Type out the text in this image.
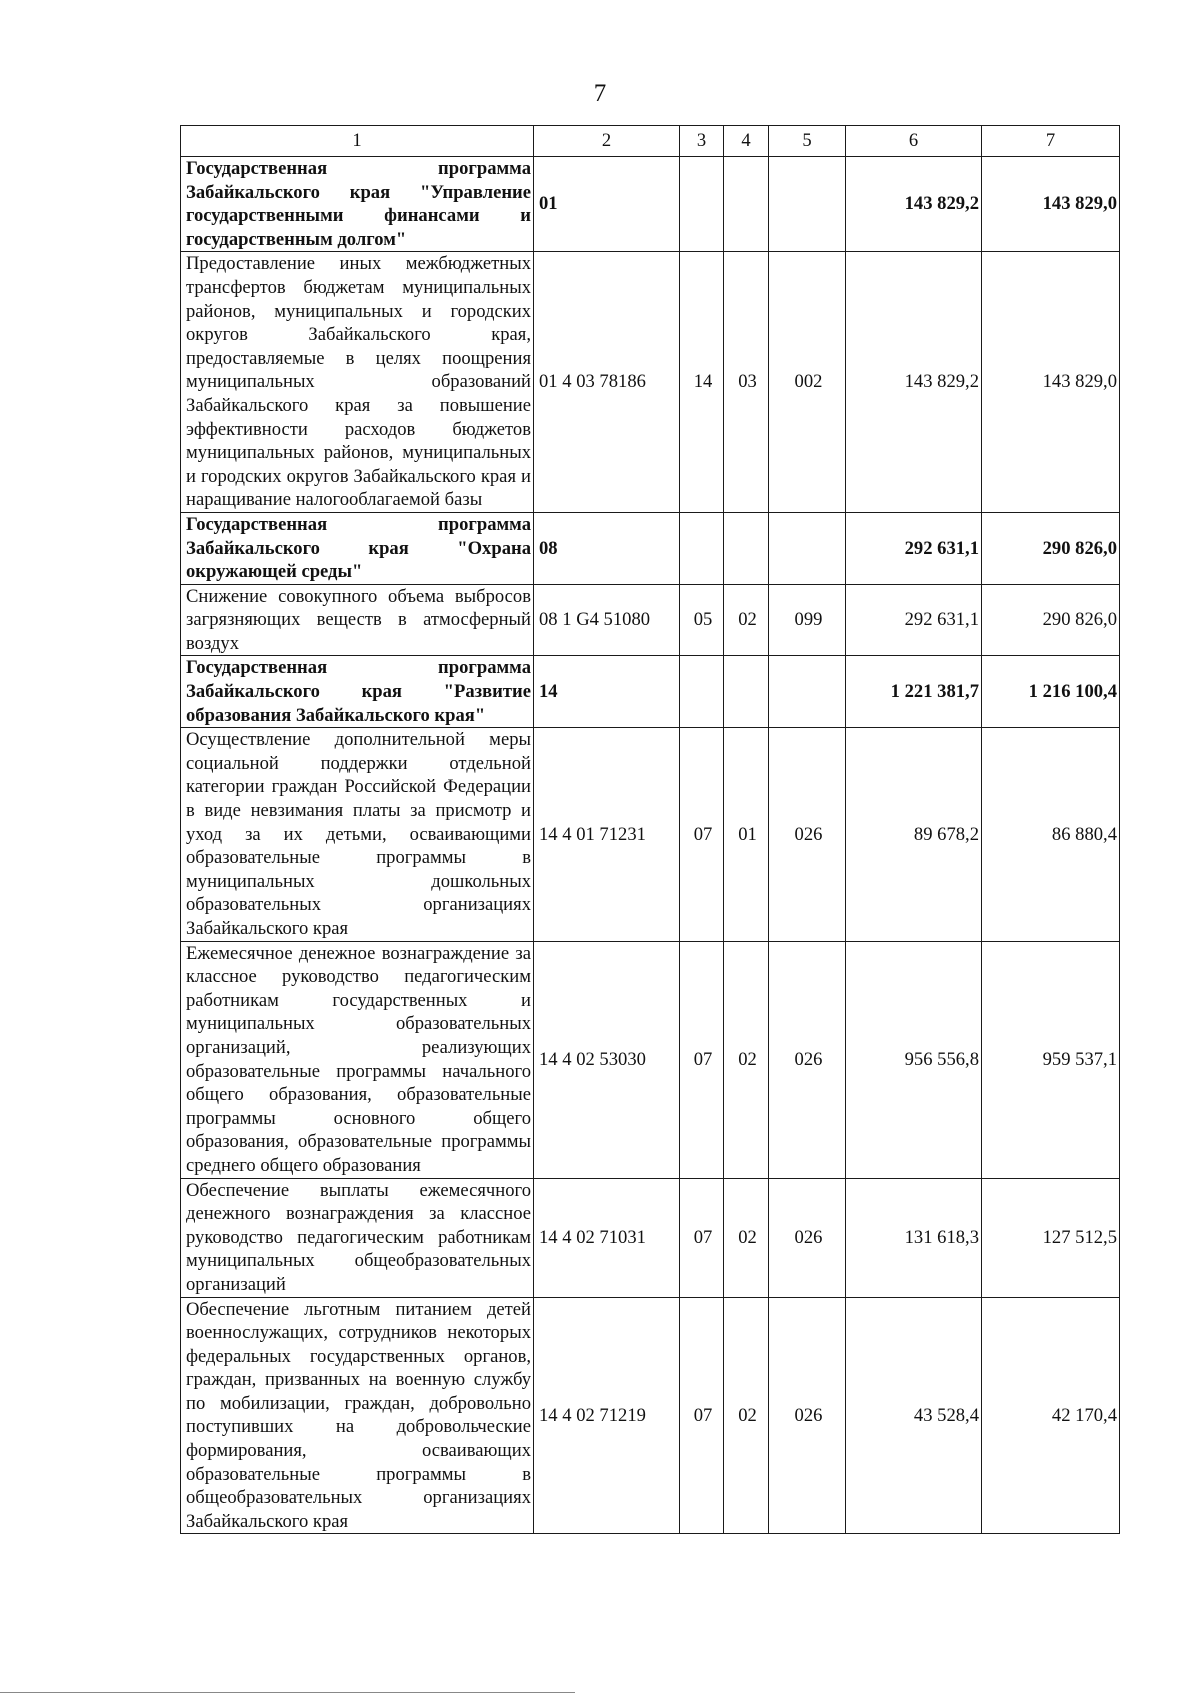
7
1	2	3	4	5	6	7
Государственная программа Забайкальского края "Управление государственными финансами и государственным долгом"	01				143 829,2	143 829,0
Предоставление иных межбюджетных трансфертов бюджетам муниципальных районов, муниципальных и городских округов Забайкальского края, предоставляемые в целях поощрения муниципальных образований Забайкальского края за повышение эффективности расходов бюджетов муниципальных районов, муниципальных и городских округов Забайкальского края и наращивание налогооблагаемой базы	01 4 03 78186	14	03	002	143 829,2	143 829,0
Государственная программа Забайкальского края "Охрана окружающей среды"	08				292 631,1	290 826,0
Снижение совокупного объема выбросов загрязняющих веществ в атмосферный воздух	08 1 G4 51080	05	02	099	292 631,1	290 826,0
Государственная программа Забайкальского края "Развитие образования Забайкальского края"	14				1 221 381,7	1 216 100,4
Осуществление дополнительной меры социальной поддержки отдельной категории граждан Российской Федерации в виде невзимания платы за присмотр и уход за их детьми, осваивающими образовательные программы в муниципальных дошкольных образовательных организациях Забайкальского края	14 4 01 71231	07	01	026	89 678,2	86 880,4
Ежемесячное денежное вознаграждение за классное руководство педагогическим работникам государственных и муниципальных образовательных организаций, реализующих образовательные программы начального общего образования, образовательные программы основного общего образования, образовательные программы среднего общего образования	14 4 02 53030	07	02	026	956 556,8	959 537,1
Обеспечение выплаты ежемесячного денежного вознаграждения за классное руководство педагогическим работникам муниципальных общеобразовательных организаций	14 4 02 71031	07	02	026	131 618,3	127 512,5
Обеспечение льготным питанием детей военнослужащих, сотрудников некоторых федеральных государственных органов, граждан, призванных на военную службу по мобилизации, граждан, добровольно поступивших на добровольческие формирования, осваивающих образовательные программы в общеобразовательных организациях Забайкальского края	14 4 02 71219	07	02	026	43 528,4	42 170,4
